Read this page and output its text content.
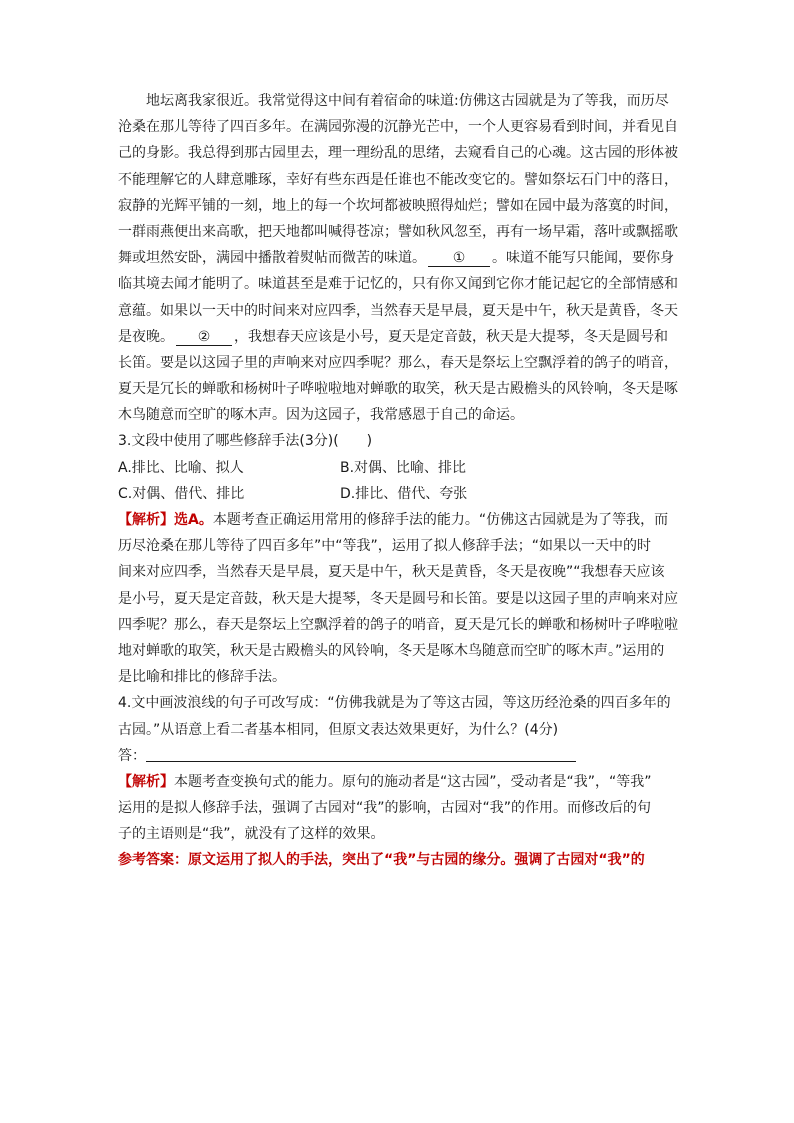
地坛离我家很近。我常觉得这中间有着宿命的味道:仿佛这古园就是为了等我，而历尽
沧桑在那儿等待了四百多年。在满园弥漫的沉静光芒中，一个人更容易看到时间，并看见自
己的身影。我总得到那古园里去，理一理纷乱的思绪，去窥看自己的心魂。这古园的形体被
不能理解它的人肆意雕琢，幸好有些东西是任谁也不能改变它的。譬如祭坛石门中的落日，
寂静的光辉平铺的一刻，地上的每一个坎坷都被映照得灿烂；譬如在园中最为落寞的时间，
一群雨燕便出来高歌，把天地都叫喊得苍凉；譬如秋风忽至，再有一场早霜，落叶或飘摇歌
舞或坦然安卧，满园中播散着熨帖而微苦的味道。 ① 。味道不能写只能闻，要你身
临其境去闻才能明了。味道甚至是难于记忆的，只有你又闻到它你才能记起它的全部情感和
意蕴。如果以一天中的时间来对应四季，当然春天是早晨，夏天是中午，秋天是黄昏，冬天
是夜晚。 ② ，我想春天应该是小号，夏天是定音鼓，秋天是大提琴，冬天是圆号和
长笛。要是以这园子里的声响来对应四季呢？那么，春天是祭坛上空飘浮着的鸽子的哨音，
夏天是冗长的蝉歌和杨树叶子哗啦啦地对蝉歌的取笑，秋天是古殿檐头的风铃响，冬天是啄
木鸟随意而空旷的啄木声。因为这园子，我常感恩于自己的命运。
3.文段中使用了哪些修辞手法(3分)(　　)
A.排比、比喻、拟人	B.对偶、比喻、排比
C.对偶、借代、排比	D.排比、借代、夸张
【解析】选A。本题考查正确运用常用的修辞手法的能力。“仿佛这古园就是为了等我，而
历尽沧桑在那儿等待了四百多年”中“等我”，运用了拟人修辞手法；“如果以一天中的时
间来对应四季，当然春天是早晨，夏天是中午，秋天是黄昏，冬天是夜晚”“我想春天应该
是小号，夏天是定音鼓，秋天是大提琴，冬天是圆号和长笛。要是以这园子里的声响来对应
四季呢？那么，春天是祭坛上空飘浮着的鸽子的哨音，夏天是冗长的蝉歌和杨树叶子哗啦啦
地对蝉歌的取笑，秋天是古殿檐头的风铃响，冬天是啄木鸟随意而空旷的啄木声。”运用的
是比喻和排比的修辞手法。
4.文中画波浪线的句子可改写成：“仿佛我就是为了等这古园，等这历经沧桑的四百多年的
古园。”从语意上看二者基本相同，但原文表达效果更好，为什么？(4分)
答：
【解析】本题考查变换句式的能力。原句的施动者是“这古园”，受动者是“我”，“等我”
运用的是拟人修辞手法，强调了古园对“我”的影响，古园对“我”的作用。而修改后的句
子的主语则是“我”，就没有了这样的效果。
参考答案：原文运用了拟人的手法，突出了“我”与古园的缘分。强调了古园对“我”的
